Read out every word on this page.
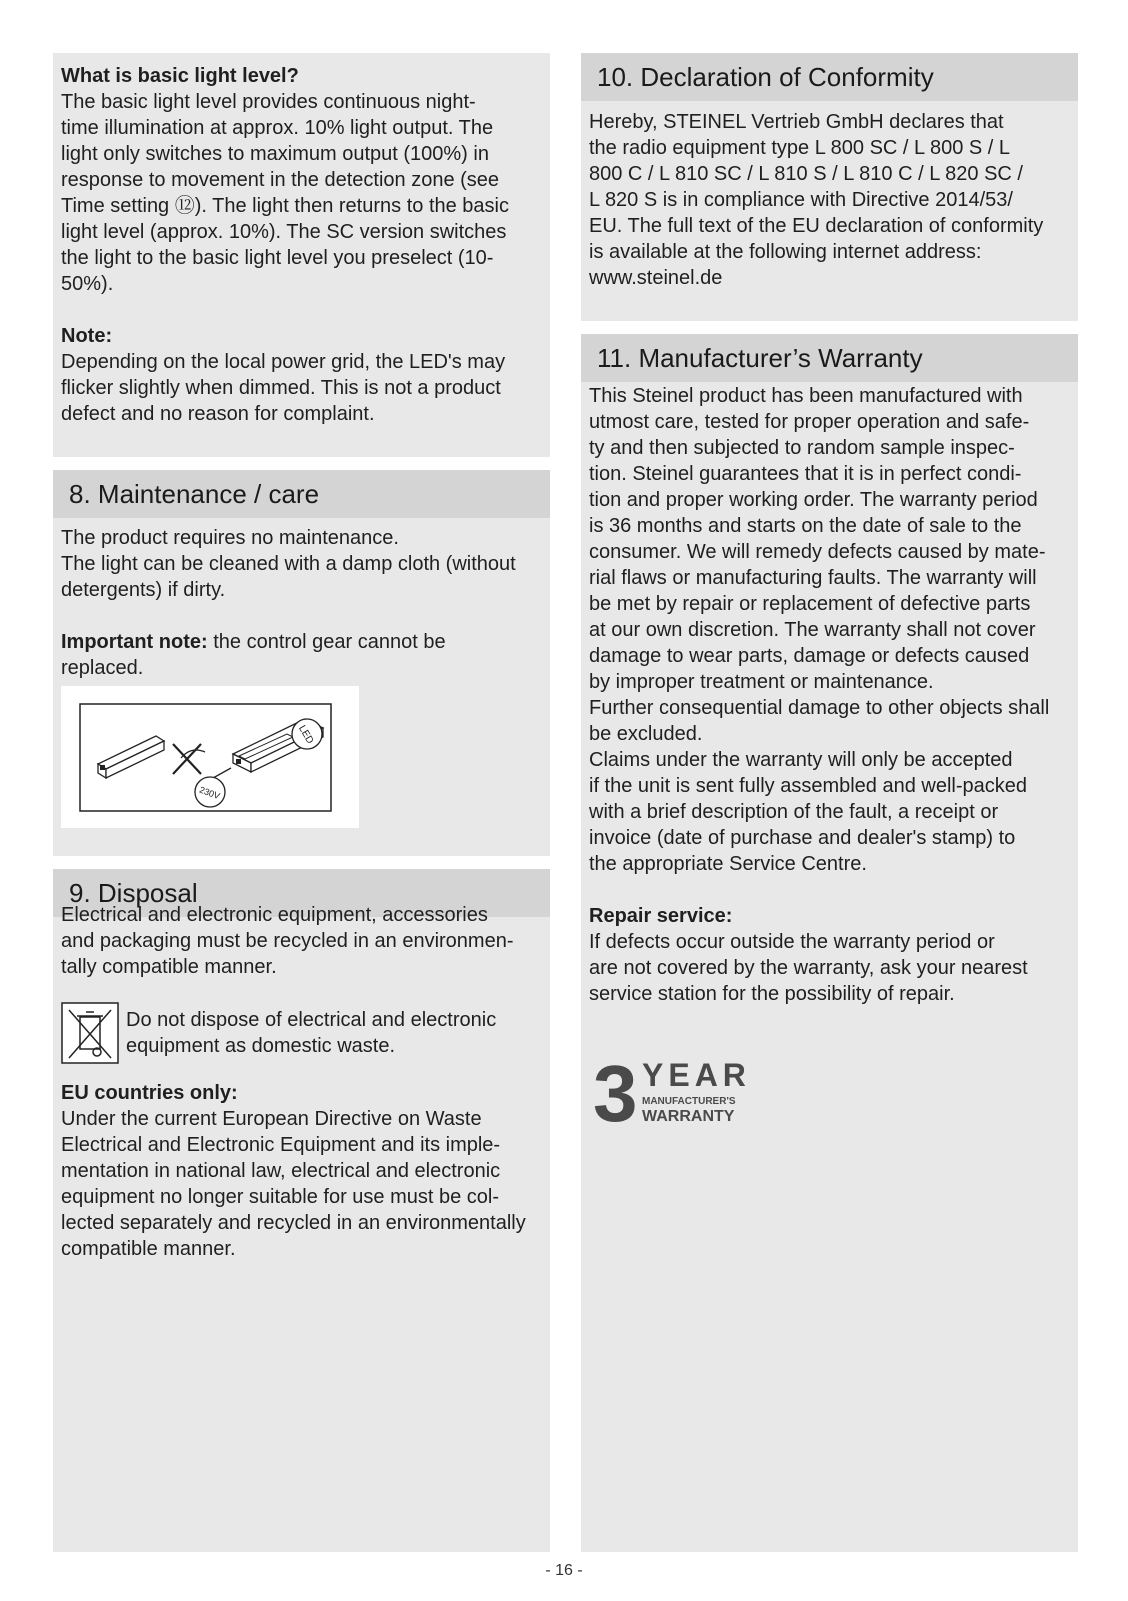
What is basic light level?

The basic light level provides continuous night-

time illumination at approx. 10% light output. The

light only switches to maximum output (100%) in

response to movement in the detection zone (see

Time setting ⑫). The light then returns to the basic

light level (approx. 10%). The SC version switches

the light to the basic light level you preselect (10-

50%).

Note:

Depending on the local power grid, the LED's may

flicker slightly when dimmed. This is not a product

defect and no reason for complaint.

8. Maintenance / care

The product requires no maintenance.

The light can be cleaned with a damp cloth (without

detergents) if dirty.

Important note: the control gear cannot be

replaced.

LED
230V
9. Disposal

Electrical and electronic equipment, accessories

and packaging must be recycled in an environmen-

tally compatible manner.

Do not dispose of electrical and electronic

equipment as domestic waste.

EU countries only:

Under the current European Directive on Waste

Electrical and Electronic Equipment and its imple-

mentation in national law, electrical and electronic

equipment no longer suitable for use must be col-

lected separately and recycled in an environmentally

compatible manner.

10. Declaration of Conformity

Hereby, STEINEL Vertrieb GmbH declares that

the radio equipment type L 800 SC / L 800 S / L

800 C / L 810 SC / L 810 S / L 810 C / L 820 SC /

L 820 S is in compliance with Directive 2014/53/

EU. The full text of the EU declaration of conformity

is available at the following internet address:

www.steinel.de

11. Manufacturer’s Warranty

This Steinel product has been manufactured with

utmost care, tested for proper operation and safe-

ty and then subjected to random sample inspec-

tion. Steinel guarantees that it is in perfect condi-

tion and proper working order. The warranty period

is 36 months and starts on the date of sale to the

consumer. We will remedy defects caused by mate-

rial flaws or manufacturing faults. The warranty will

be met by repair or replacement of defective parts

at our own discretion. The warranty shall not cover

damage to wear parts, damage or defects caused

by improper treatment or maintenance.

Further consequential damage to other objects shall

be excluded.

Claims under the warranty will only be accepted

if the unit is sent fully assembled and well-packed

with a brief description of the fault, a receipt or

invoice (date of purchase and dealer's stamp) to

the appropriate Service Centre.

Repair service:

If defects occur outside the warranty period or

are not covered by the warranty, ask your nearest

service station for the possibility of repair.

3 YEAR
MANUFACTURER'S
WARRANTY
- 16 -
